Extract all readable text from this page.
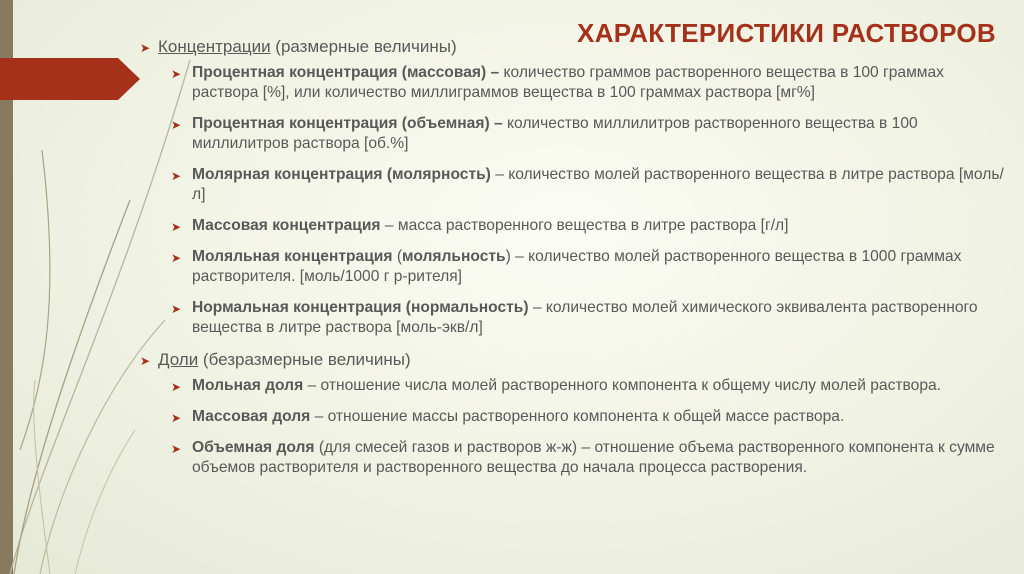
ХАРАКТЕРИСТИКИ РАСТВОРОВ
➤ Концентрации (размерные величины)
➤ Процентная концентрация (массовая) – количество граммов растворенного вещества в 100 граммах раствора [%], или количество миллиграммов вещества в 100 граммах раствора [мг%]
➤ Процентная концентрация (объемная) – количество миллилитров растворенного вещества в 100 миллилитров раствора [об.%]
➤ Молярная концентрация (молярность) – количество молей растворенного вещества в литре раствора [моль/л]
➤ Массовая концентрация – масса растворенного вещества в литре раствора [г/л]
➤ Моляльная концентрация (моляльность) – количество молей растворенного вещества в 1000 граммах растворителя. [моль/1000 г р-рителя]
➤ Нормальная концентрация (нормальность) – количество молей химического эквивалента растворенного вещества в литре раствора [моль-экв/л]
➤ Доли (безразмерные величины)
➤ Мольная доля – отношение числа молей растворенного компонента к общему числу молей раствора.
➤ Массовая доля – отношение массы растворенного компонента к общей массе раствора.
➤ Объемная доля (для смесей газов и растворов ж-ж) – отношение объема растворенного компонента к сумме объемов растворителя и растворенного вещества до начала процесса растворения.
